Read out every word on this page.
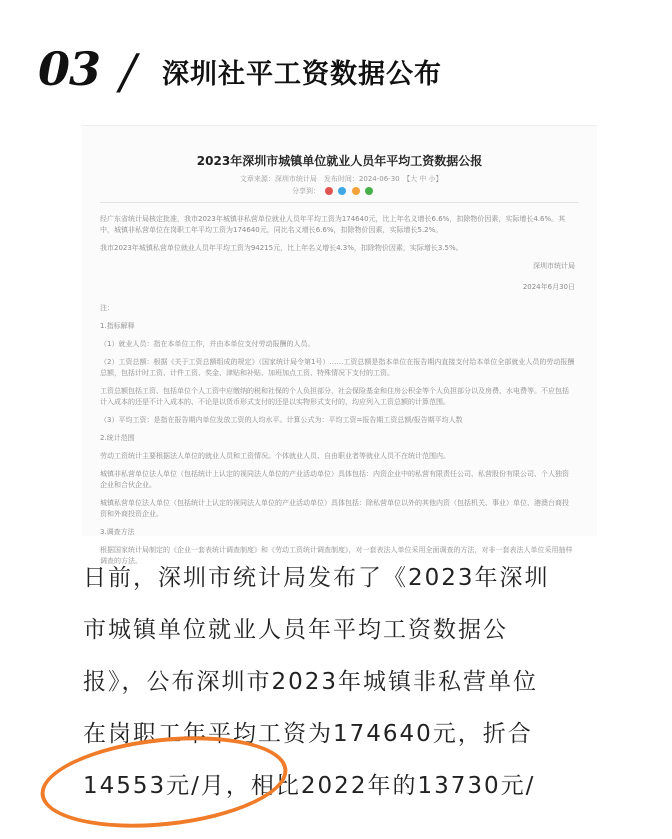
03 / 深圳社平工资数据公布
2023年深圳市城镇单位就业人员年平均工资数据公报
文章来源：深圳市统计局　发布时间：2024-06-30　【大 中 小】　
分享到：

经广东省统计局核定批准，我市2023年城镇非私营单位就业人员年平均工资为174640元，比上年名义增长6.6%，扣除物价因素，实际增长4.6%。其中，城镇非私营单位在岗职工年平均工资为174640元，同比名义增长6.6%，扣除物价因素，实际增长5.2%。

我市2023年城镇私营单位就业人员年平均工资为94215元，比上年名义增长4.3%，扣除物价因素，实际增长3.5%。

深圳市统计局

2024年6月30日

注：

1.指标解释

（1）就业人员：指在本单位工作，并由本单位支付劳动报酬的人员。

（2）工资总额：根据《关于工资总额组成的规定》（国家统计局令第1号）……工资总额是指本单位在报告期内直接支付给本单位全部就业人员的劳动报酬总额，包括计时工资、计件工资、奖金、津贴和补贴、加班加点工资、特殊情况下支付的工资。

工资总额包括工资、包括单位个人工资中应缴纳的税和社保的个人负担部分，社会保险基金和住房公积金等个人负担部分以及房费、水电费等。不应包括计入成本的还是不计入成本的、不论是以货币形式支付的还是以实物形式支付的，均应列入工资总额的计算范围。

（3）平均工资：是指在报告期内单位发放工资的人均水平。计算公式为：平均工资=报告期工资总额/报告期平均人数

2.统计范围

劳动工资统计主要根据法人单位的就业人员和工资情况。个体就业人员、自由职业者等就业人员不在统计范围内。

城镇非私营单位法人单位（包括统计上认定的视同法人单位的产业活动单位）具体包括：内资企业中的私营有限责任公司、私营股份有限公司、个人独资企业和合伙企业。

城镇私营单位法人单位（包括统计上认定的视同法人单位的产业活动单位）具体包括：除私营单位以外的其他内资（包括机关、事业）单位、港澳台商投资和外商投资企业。

3.调查方法

根据国家统计局制定的《企业一套表统计调查制度》和《劳动工资统计调查制度》，对一套表法人单位采用全面调查的方法，对非一套表法人单位采用抽样调查的方法。

日前，深圳市统计局发布了《2023年深圳
市城镇单位就业人员年平均工资数据公
报》，公布深圳市2023年城镇非私营单位
在岗职工年平均工资为174640元，折合
14553元/月，相比2022年的13730元/
